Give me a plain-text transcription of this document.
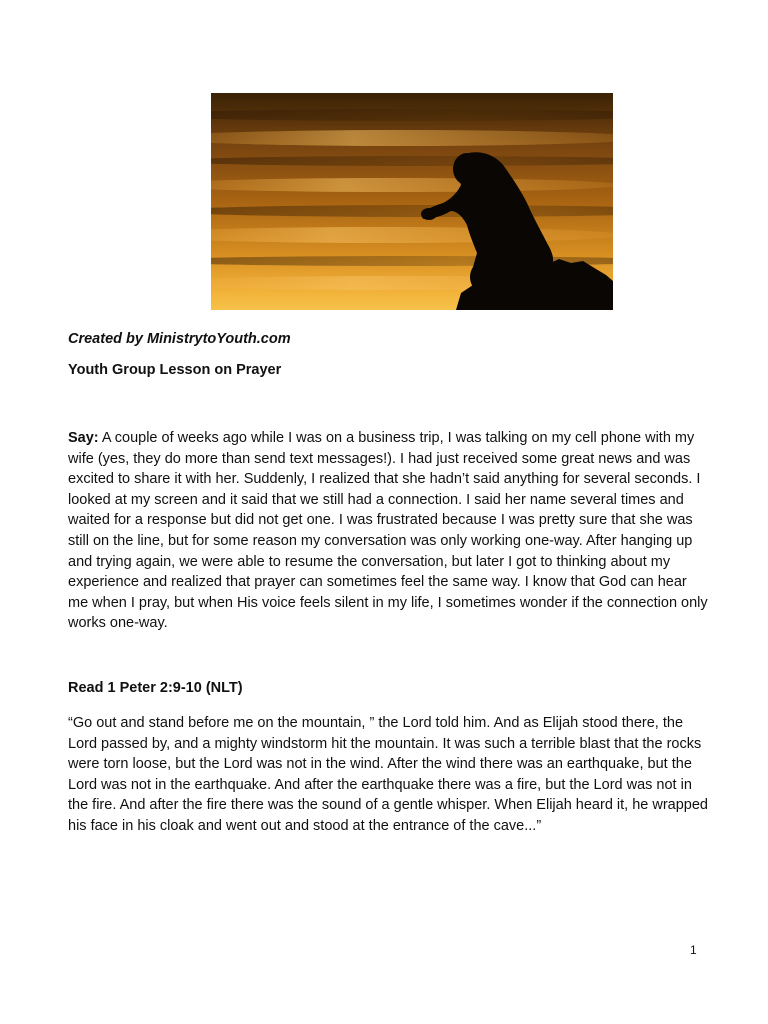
Created by MinistrytoYouth.com

Youth Group Lesson on Prayer

Say: A couple of weeks ago while I was on a business trip, I was talking on my cell phone with my wife (yes, they do more than send text messages!). I had just received some great news and was excited to share it with her. Suddenly, I realized that she hadn’t said anything for several seconds. I looked at my screen and it said that we still had a connection. I said her name several times and waited for a response but did not get one. I was frustrated because I was pretty sure that she was still on the line, but for some reason my conversation was only working one-way. After hanging up and trying again, we were able to resume the conversation, but later I got to thinking about my experience and realized that prayer can sometimes feel the same way. I know that God can hear me when I pray, but when His voice feels silent in my life, I sometimes wonder if the connection only works one-way.

Read 1 Peter 2:9-10 (NLT)

“Go out and stand before me on the mountain, ” the Lord told him. And as Elijah stood there, the Lord passed by, and a mighty windstorm hit the mountain. It was such a terrible blast that the rocks were torn loose, but the Lord was not in the wind. After the wind there was an earthquake, but the Lord was not in the earthquake. And after the earthquake there was a fire, but the Lord was not in the fire. And after the fire there was the sound of a gentle whisper. When Elijah heard it, he wrapped his face in his cloak and went out and stood at the entrance of the cave...”

1
